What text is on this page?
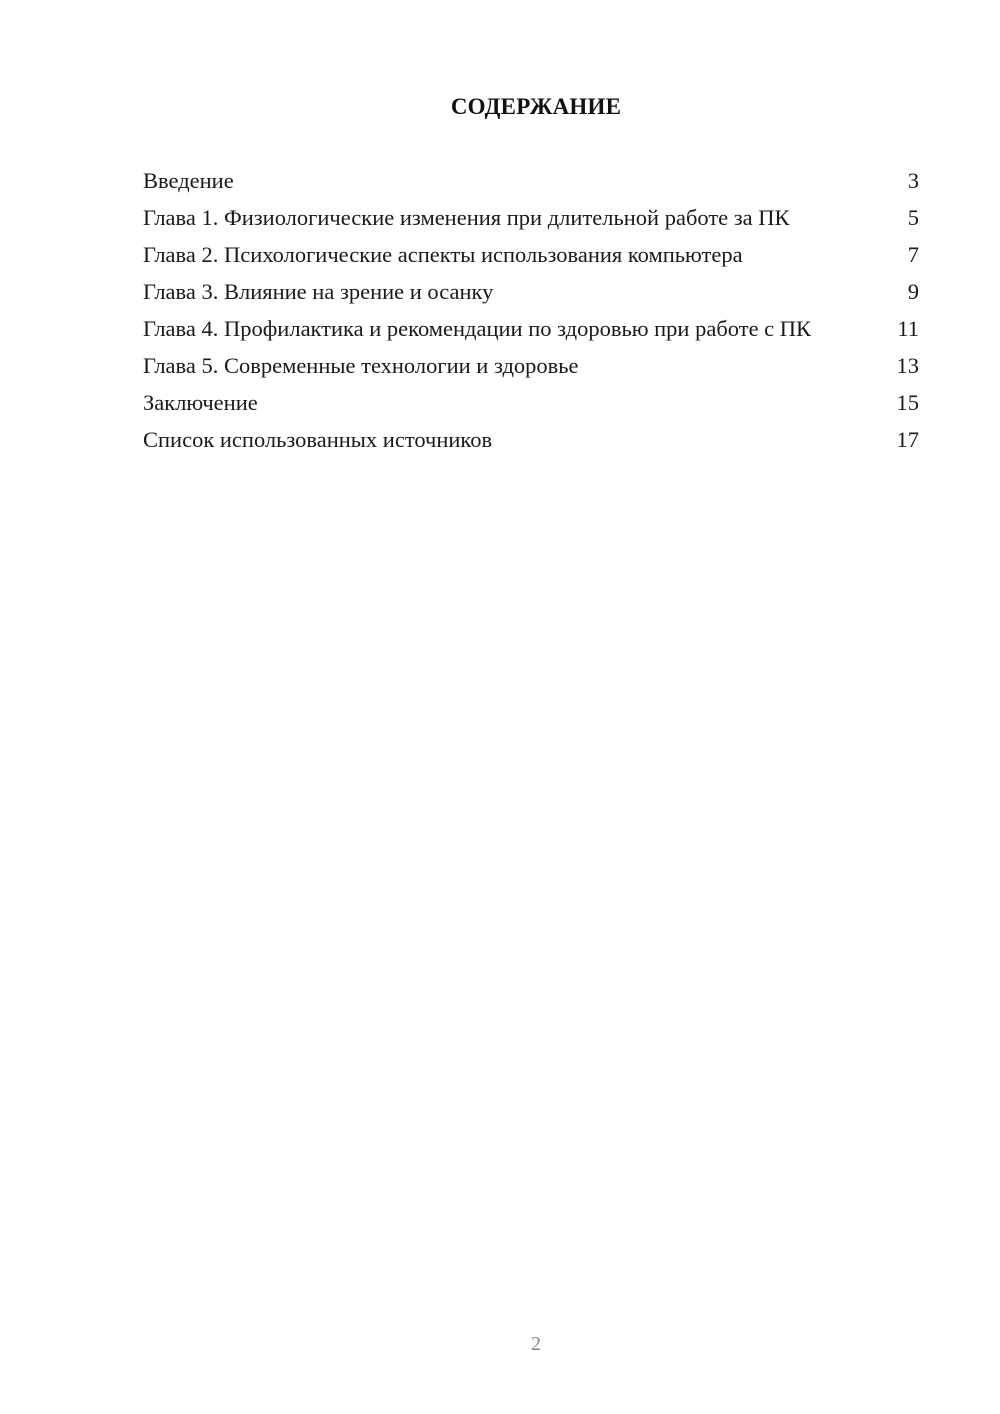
СОДЕРЖАНИЕ
Введение	3
Глава 1. Физиологические изменения при длительной работе за ПК	5
Глава 2. Психологические аспекты использования компьютера	7
Глава 3. Влияние на зрение и осанку	9
Глава 4. Профилактика и рекомендации по здоровью при работе с ПК	11
Глава 5. Современные технологии и здоровье	13
Заключение	15
Список использованных источников	17
2
